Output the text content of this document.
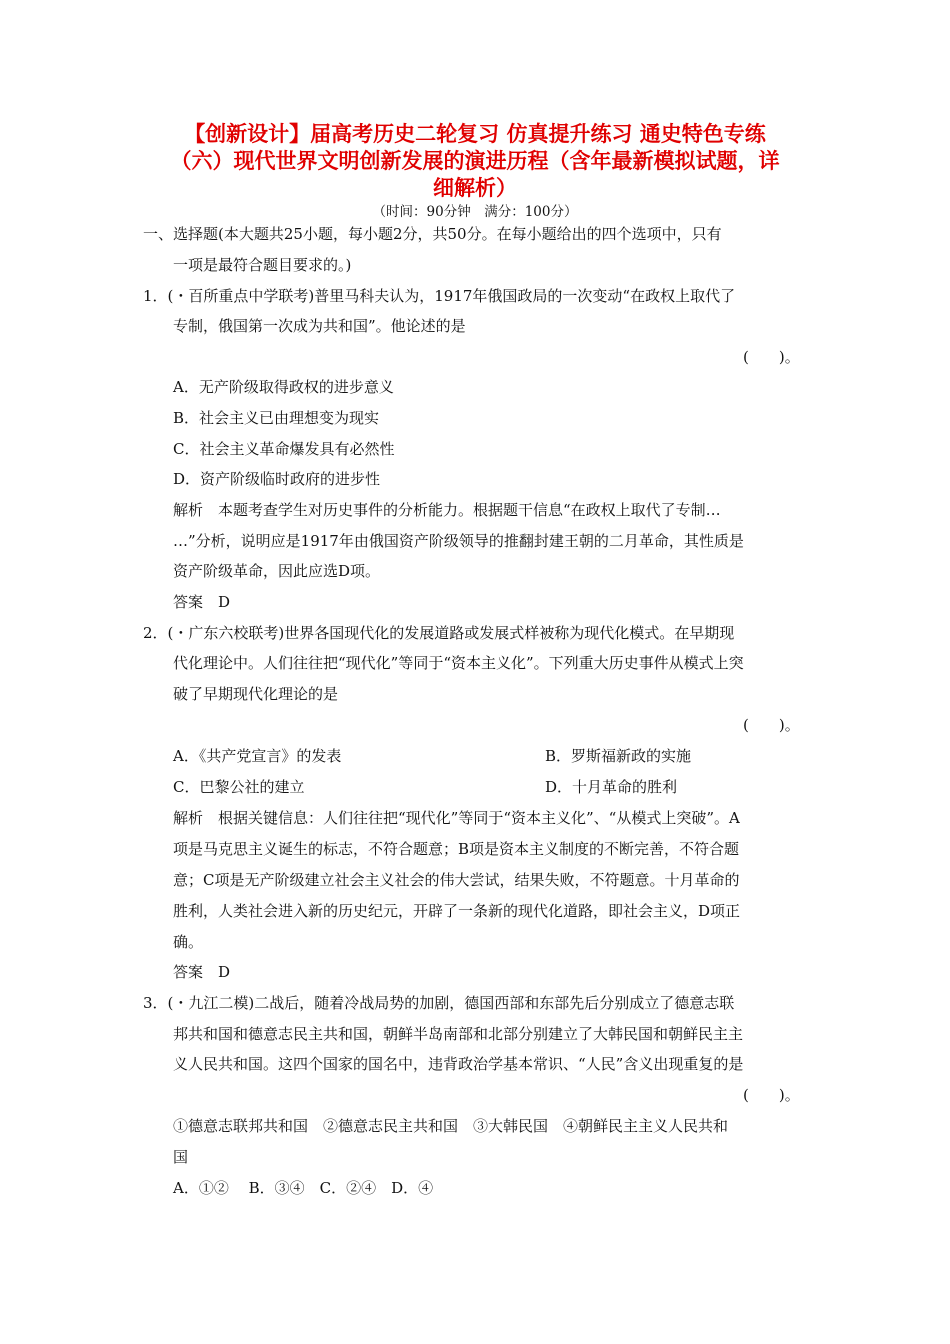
【创新设计】届高考历史二轮复习 仿真提升练习 通史特色专练
（六）现代世界文明创新发展的演进历程（含年最新模拟试题，详
细解析）
（时间：90分钟　满分：100分）
一、选择题(本大题共25小题，每小题2分，共50分。在每小题给出的四个选项中，只有
一项是最符合题目要求的。)
1．(・百所重点中学联考)普里马科夫认为，1917年俄国政局的一次变动“在政权上取代了
专制，俄国第一次成为共和国”。他论述的是
(　　)。
A．无产阶级取得政权的进步意义
B．社会主义已由理想变为现实
C．社会主义革命爆发具有必然性
D．资产阶级临时政府的进步性
解析　本题考查学生对历史事件的分析能力。根据题干信息“在政权上取代了专制…
…”分析，说明应是1917年由俄国资产阶级领导的推翻封建王朝的二月革命，其性质是
资产阶级革命，因此应选D项。
答案　D
2．(・广东六校联考)世界各国现代化的发展道路或发展式样被称为现代化模式。在早期现
代化理论中。人们往往把“现代化”等同于“资本主义化”。下列重大历史事件从模式上突
破了早期现代化理论的是
(　　)。
A．《共产党宣言》的发表	B．罗斯福新政的实施
C．巴黎公社的建立	D．十月革命的胜利
解析　根据关键信息：人们往往把“现代化”等同于“资本主义化”、“从模式上突破”。A
项是马克思主义诞生的标志，不符合题意；B项是资本主义制度的不断完善，不符合题
意；C项是无产阶级建立社会主义社会的伟大尝试，结果失败，不符题意。十月革命的
胜利，人类社会进入新的历史纪元，开辟了一条新的现代化道路，即社会主义，D项正
确。
答案　D
3．(・九江二模)二战后，随着冷战局势的加剧，德国西部和东部先后分别成立了德意志联
邦共和国和德意志民主共和国，朝鲜半岛南部和北部分别建立了大韩民国和朝鲜民主主
义人民共和国。这四个国家的国名中，违背政治学基本常识、“人民”含义出现重复的是
(　　)。
①德意志联邦共和国　②德意志民主共和国　③大韩民国　④朝鲜民主主义人民共和
国
A．①②　 B．③④　C．②④　D．④
